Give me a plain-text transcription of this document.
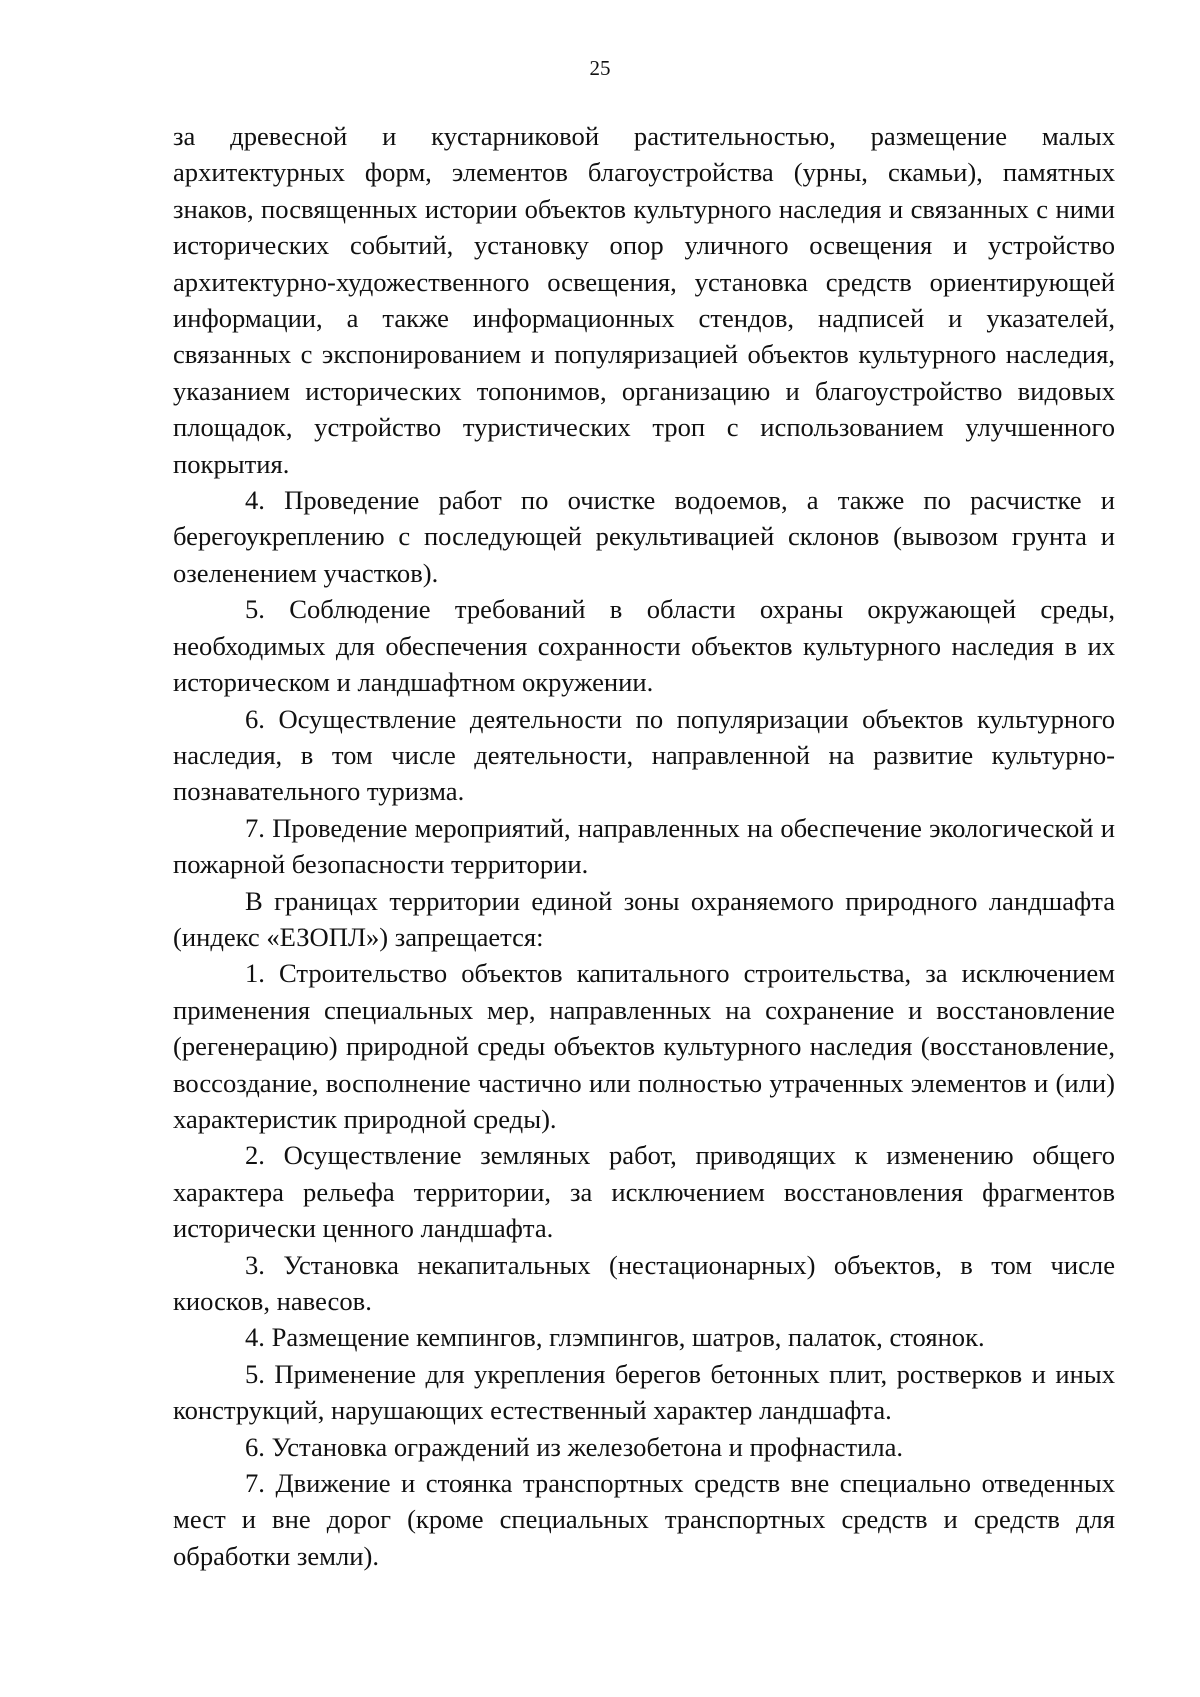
25

за древесной и кустарниковой растительностью, размещение малых архитектурных форм, элементов благоустройства (урны, скамьи), памятных знаков, посвященных истории объектов культурного наследия и связанных с ними исторических событий, установку опор уличного освещения и устройство архитектурно-художественного освещения, установка средств ориентирующей информации, а также информационных стендов, надписей и указателей, связанных с экспонированием и популяризацией объектов культурного наследия, указанием исторических топонимов, организацию и благоустройство видовых площадок, устройство туристических троп с использованием улучшенного покрытия.

4. Проведение работ по очистке водоемов, а также по расчистке и берегоукреплению с последующей рекультивацией склонов (вывозом грунта и озеленением участков).

5. Соблюдение требований в области охраны окружающей среды, необходимых для обеспечения сохранности объектов культурного наследия в их историческом и ландшафтном окружении.

6. Осуществление деятельности по популяризации объектов культурного наследия, в том числе деятельности, направленной на развитие культурно-познавательного туризма.

7. Проведение мероприятий, направленных на обеспечение экологической и пожарной безопасности территории.

В границах территории единой зоны охраняемого природного ландшафта (индекс «ЕЗОПЛ») запрещается:

1. Строительство объектов капитального строительства, за исключением применения специальных мер, направленных на сохранение и восстановление (регенерацию) природной среды объектов культурного наследия (восстановление, воссоздание, восполнение частично или полностью утраченных элементов и (или) характеристик природной среды).

2. Осуществление земляных работ, приводящих к изменению общего характера рельефа территории, за исключением восстановления фрагментов исторически ценного ландшафта.

3. Установка некапитальных (нестационарных) объектов, в том числе киосков, навесов.

4. Размещение кемпингов, глэмпингов, шатров, палаток, стоянок.

5. Применение для укрепления берегов бетонных плит, ростверков и иных конструкций, нарушающих естественный характер ландшафта.

6. Установка ограждений из железобетона и профнастила.

7. Движение и стоянка транспортных средств вне специально отведенных мест и вне дорог (кроме специальных транспортных средств и средств для обработки земли).
